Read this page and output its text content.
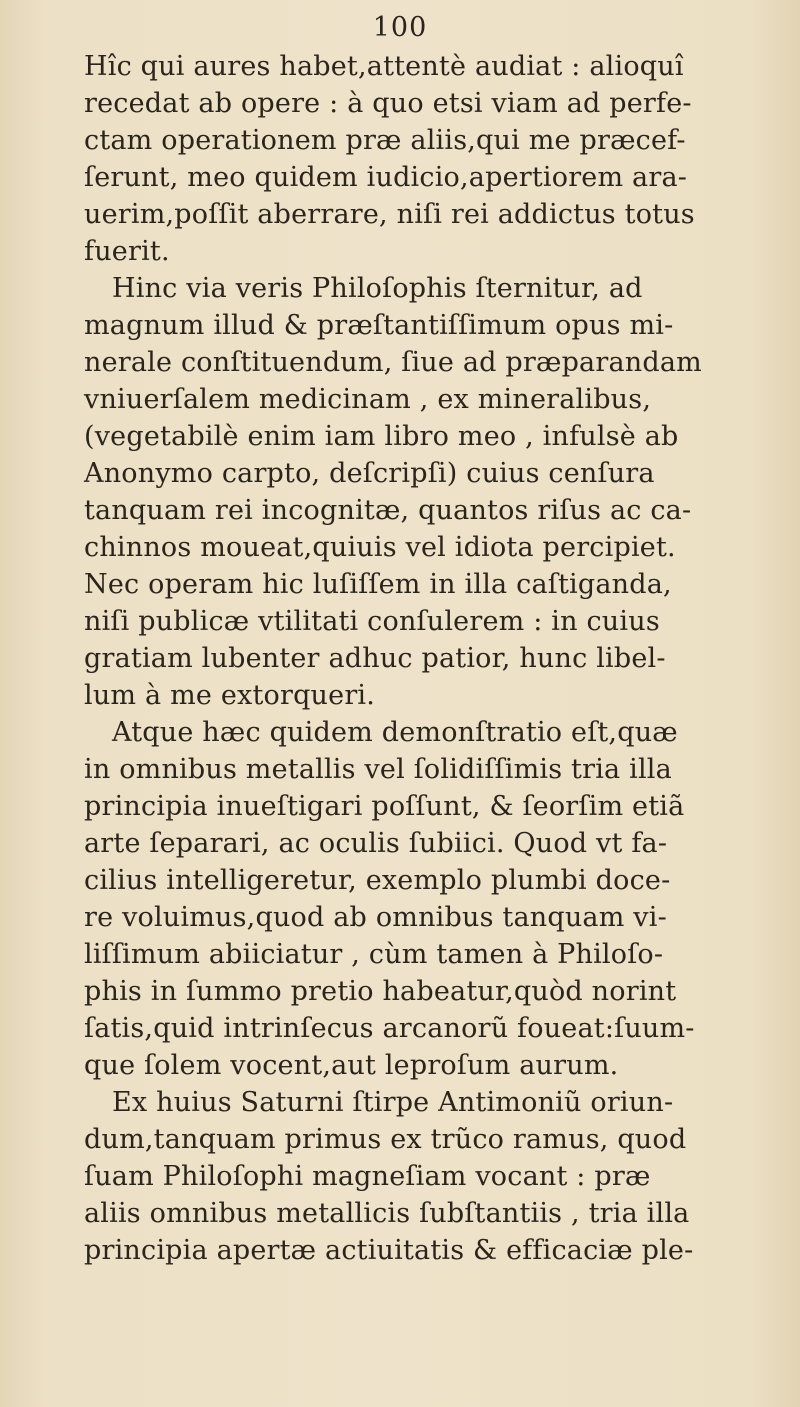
100
Hîc qui aures habet,attentè audiat : alioquî
recedat ab opere : à quo etsi viam ad perfe-
ctam operationem præ aliis,qui me præcef-
ſerunt, meo quidem iudicio,apertiorem ara-
uerim,poſſit aberrare, niſi rei addictus totus
fuerit.
Hinc via veris Philoſophis ſternitur, ad
magnum illud & præſtantiſſimum opus mi-
nerale conſtituendum, ſiue ad præparandam
vniuerſalem medicinam , ex mineralibus,
(vegetabilè enim iam libro meo , infulsè ab
Anonymo carpto, deſcripſi) cuius cenſura
tanquam rei incognitæ, quantos riſus ac ca-
chinnos moueat,quiuis vel idiota percipiet.
Nec operam hic luſiſſem in illa caſtiganda,
niſi publicæ vtilitati conſulerem : in cuius
gratiam lubenter adhuc patior, hunc libel-
lum à me extorqueri.
Atque hæc quidem demonſtratio eſt,quæ
in omnibus metallis vel ſolidiſſimis tria illa
principia inueſtigari poſſunt, & ſeorſim etiã
arte ſeparari, ac oculis ſubiici. Quod vt fa-
cilius intelligeretur, exemplo plumbi doce-
re voluimus,quod ab omnibus tanquam vi-
liſſimum abiiciatur , cùm tamen à Philoſo-
phis in ſummo pretio habeatur,quòd norint
ſatis,quid intrinſecus arcanorũ foueat:ſuum-
que ſolem vocent,aut leproſum aurum.
Ex huius Saturni ſtirpe Antimoniũ oriun-
dum,tanquam primus ex trũco ramus, quod
ſuam Philoſophi magneſiam vocant : præ
aliis omnibus metallicis ſubſtantiis , tria illa
principia apertæ actiuitatis & efficaciæ ple-
